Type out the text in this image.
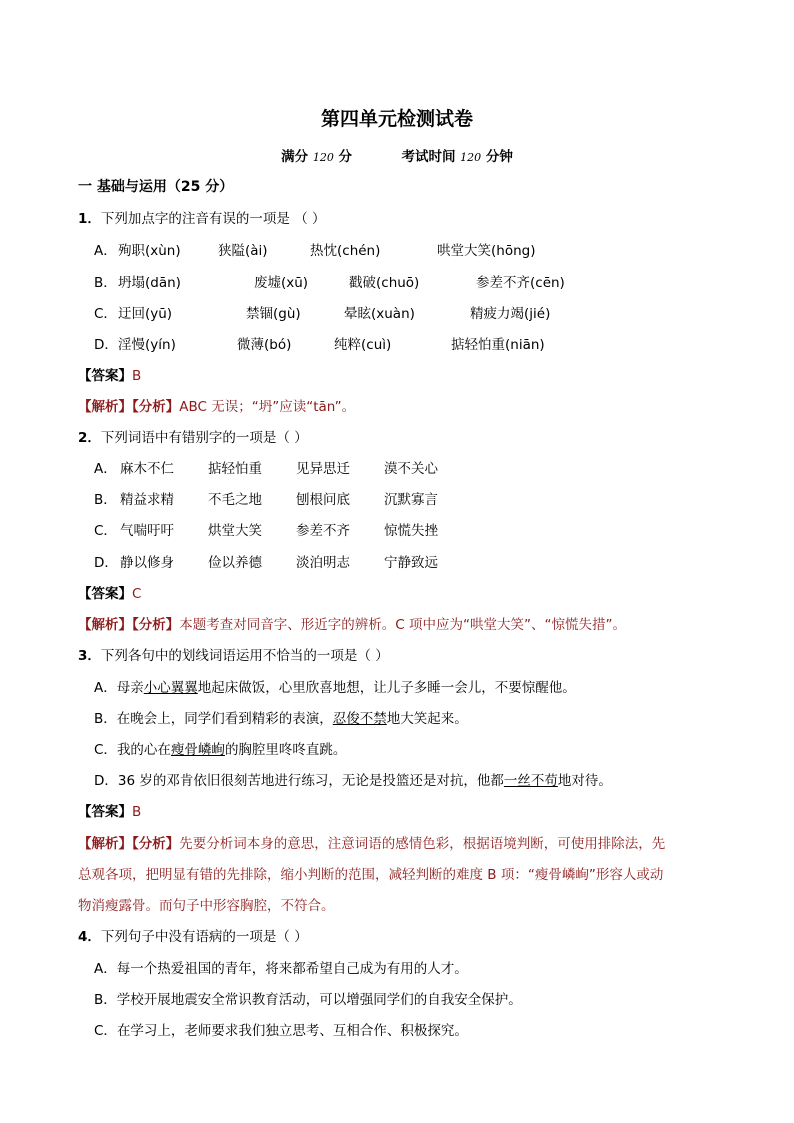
第四单元检测试卷
满分 120 分	考试时间 120 分钟
一 基础与运用（25 分）
1．下列加点字的注音有误的一项是 （ ）
A． 殉职(xùn)	狭隘(ài)	热忱(chén)	哄堂大笑(hōng)
B． 坍塌(dān)	废墟(xū)	戳破(chuō)	参差不齐(cēn)
C． 迂回(yū)	禁锢(gù)	晕眩(xuàn)	精疲力竭(jié)
D． 淫慢(yín)	微薄(bó)	纯粹(cuì)	掂轻怕重(niān)
【答案】B
【解析】【分析】ABC 无误；“坍”应读“tān”。
2．下列词语中有错别字的一项是（ ）
A． 麻木不仁	掂轻怕重	见异思迁	漠不关心
B． 精益求精	不毛之地	刨根问底	沉默寡言
C． 气喘吁吁	烘堂大笑	参差不齐	惊慌失挫
D． 静以修身	俭以养德	淡泊明志	宁静致远
【答案】C
【解析】【分析】本题考查对同音字、形近字的辨析。C 项中应为“哄堂大笑”、“惊慌失措”。
3．下列各句中的划线词语运用不恰当的一项是（ ）
A．母亲小心翼翼地起床做饭，心里欣喜地想，让儿子多睡一会儿，不要惊醒他。
B．在晚会上，同学们看到精彩的表演，忍俊不禁地大笑起来。
C．我的心在瘦骨嶙峋的胸腔里咚咚直跳。
D．36 岁的邓肯依旧很刻苦地进行练习，无论是投篮还是对抗，他都一丝不苟地对待。
【答案】B
【解析】【分析】先要分析词本身的意思，注意词语的感情色彩，根据语境判断，可使用排除法，先
总观各项，把明显有错的先排除，缩小判断的范围，减轻判断的难度 B 项：“瘦骨嶙峋”形容人或动
物消瘦露骨。而句子中形容胸腔，不符合。
4．下列句子中没有语病的一项是（ ）
A．每一个热爱祖国的青年，将来都希望自己成为有用的人才。
B．学校开展地震安全常识教育活动，可以增强同学们的自我安全保护。
C．在学习上，老师要求我们独立思考、互相合作、积极探究。
